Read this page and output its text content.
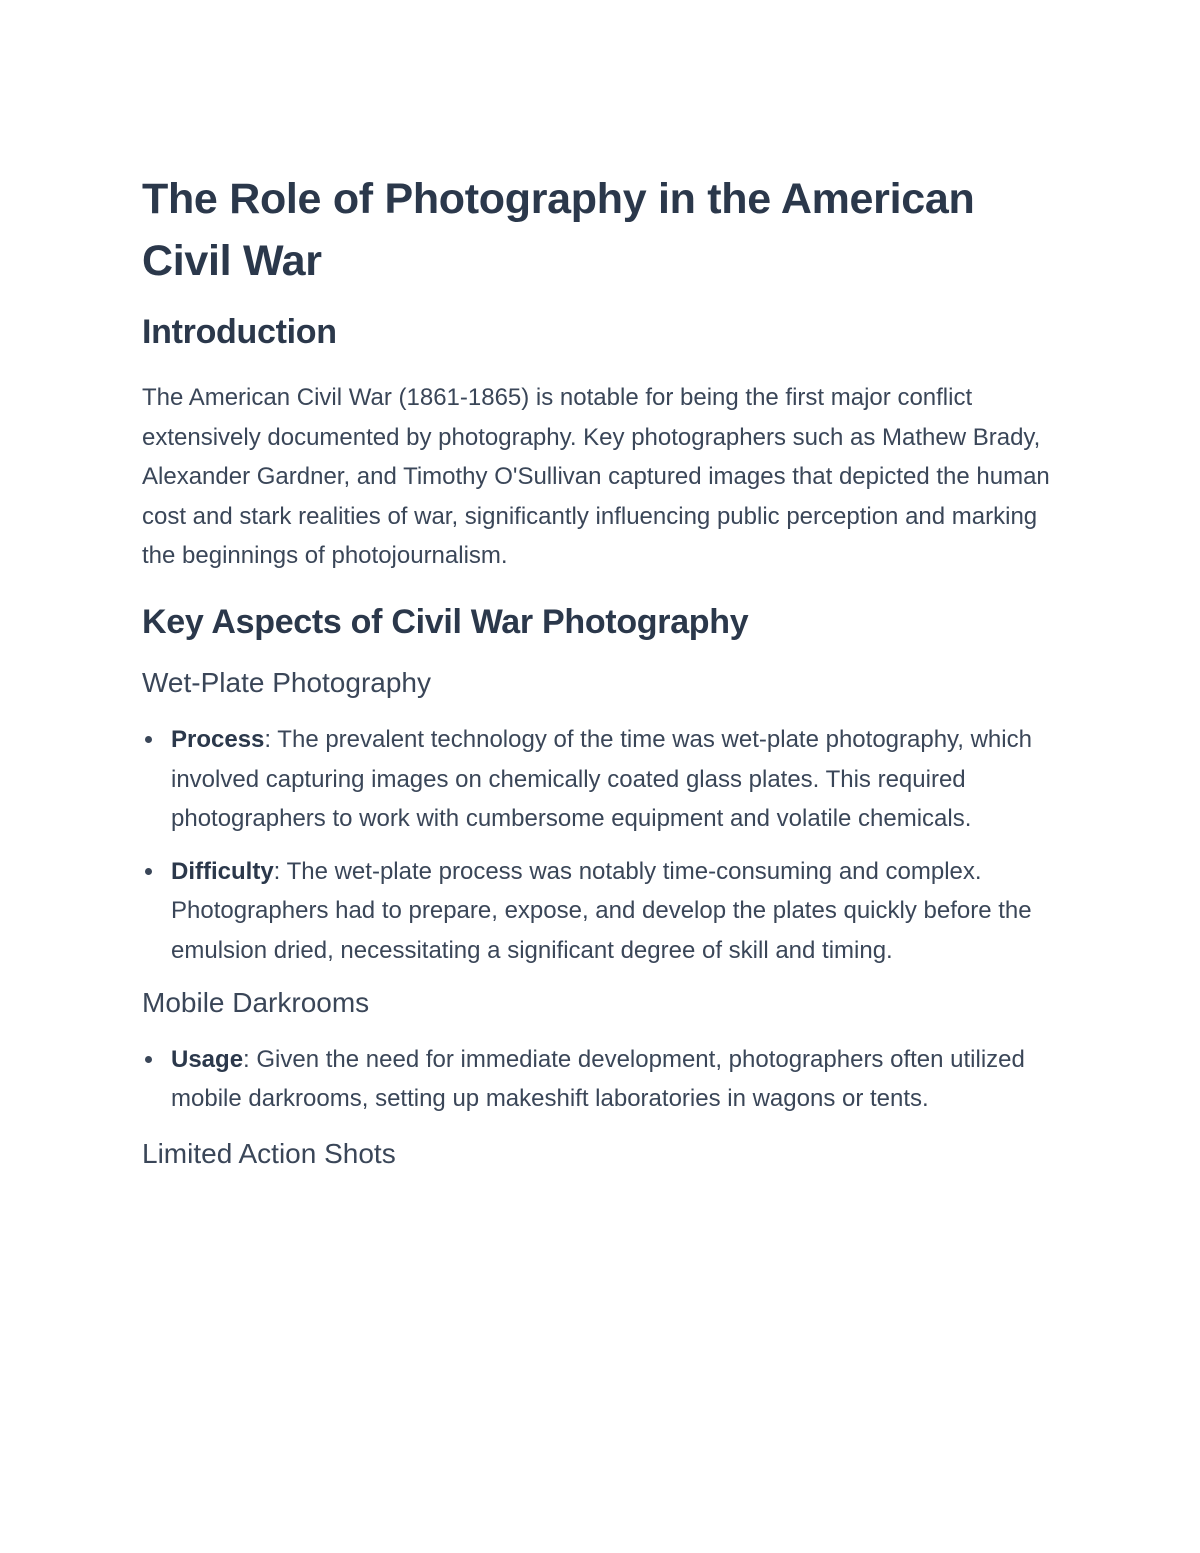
The Role of Photography in the American Civil War
Introduction

The American Civil War (1861-1865) is notable for being the first major conflict extensively documented by photography. Key photographers such as Mathew Brady, Alexander Gardner, and Timothy O'Sullivan captured images that depicted the human cost and stark realities of war, significantly influencing public perception and marking the beginnings of photojournalism.

Key Aspects of Civil War Photography
Wet-Plate Photography
Process: The prevalent technology of the time was wet-plate photography, which involved capturing images on chemically coated glass plates. This required photographers to work with cumbersome equipment and volatile chemicals.
Difficulty: The wet-plate process was notably time-consuming and complex. Photographers had to prepare, expose, and develop the plates quickly before the emulsion dried, necessitating a significant degree of skill and timing.
Mobile Darkrooms
Usage: Given the need for immediate development, photographers often utilized mobile darkrooms, setting up makeshift laboratories in wagons or tents.
Limited Action Shots
